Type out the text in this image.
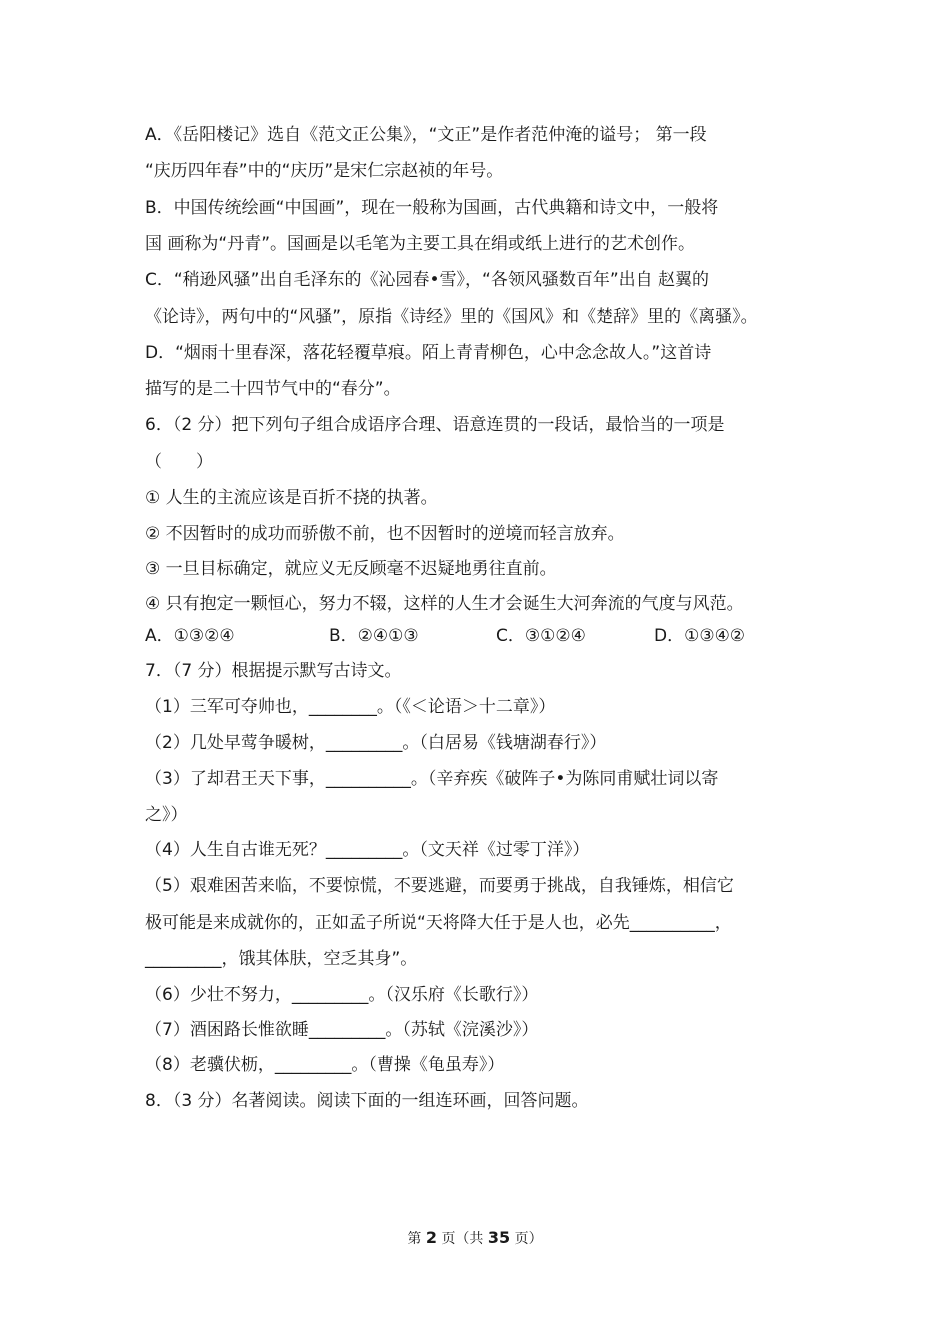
A．《岳阳楼记》选自《范文正公集》，“文正”是作者范仲淹的谥号； 第一段
“庆历四年春”中的“庆历”是宋仁宗赵祯的年号。
B．中国传统绘画“中国画”，现在一般称为国画，古代典籍和诗文中，一般将
国 画称为“丹青”。国画是以毛笔为主要工具在绢或纸上进行的艺术创作。
C．“稍逊风骚”出自毛泽东的《沁园春•雪》，“各领风骚数百年”出自 赵翼的
《论诗》，两句中的“风骚”，原指《诗经》里的《国风》和《楚辞》里的《离骚》。
D．“烟雨十里春深，落花轻覆草痕。陌上青青柳色，心中念念故人。”这首诗
描写的是二十四节气中的“春分”。
6．（2 分）把下列句子组合成语序合理、语意连贯的一段话，最恰当的一项是
（　　）
① 人生的主流应该是百折不挠的执著。
② 不因暂时的成功而骄傲不前，也不因暂时的逆境而轻言放弃。
③ 一旦目标确定，就应义无反顾毫不迟疑地勇往直前。
④ 只有抱定一颗恒心，努力不辍，这样的人生才会诞生大河奔流的气度与风范。
A．①③②④	B．②④①③	C．③①②④	D．①③④②
7．（7 分）根据提示默写古诗文。
（1）三军可夺帅也，________。（《＜论语＞十二章》）
（2）几处早莺争暖树，_________。（白居易《钱塘湖春行》）
（3）了却君王天下事，__________。（辛弃疾《破阵子•为陈同甫赋壮词以寄
之》）
（4）人生自古谁无死？_________。（文天祥《过零丁洋》）
（5）艰难困苦来临，不要惊慌，不要逃避，而要勇于挑战，自我锤炼，相信它
极可能是来成就你的，正如孟子所说“天将降大任于是人也，必先__________，
_________，饿其体肤，空乏其身”。
（6）少壮不努力，_________。（汉乐府《长歌行》）
（7）酒困路长惟欲睡_________。（苏轼《浣溪沙》）
（8）老骥伏枥，_________。（曹操《龟虽寿》）
8．（3 分）名著阅读。阅读下面的一组连环画，回答问题。
第 2 页（共 35 页）
